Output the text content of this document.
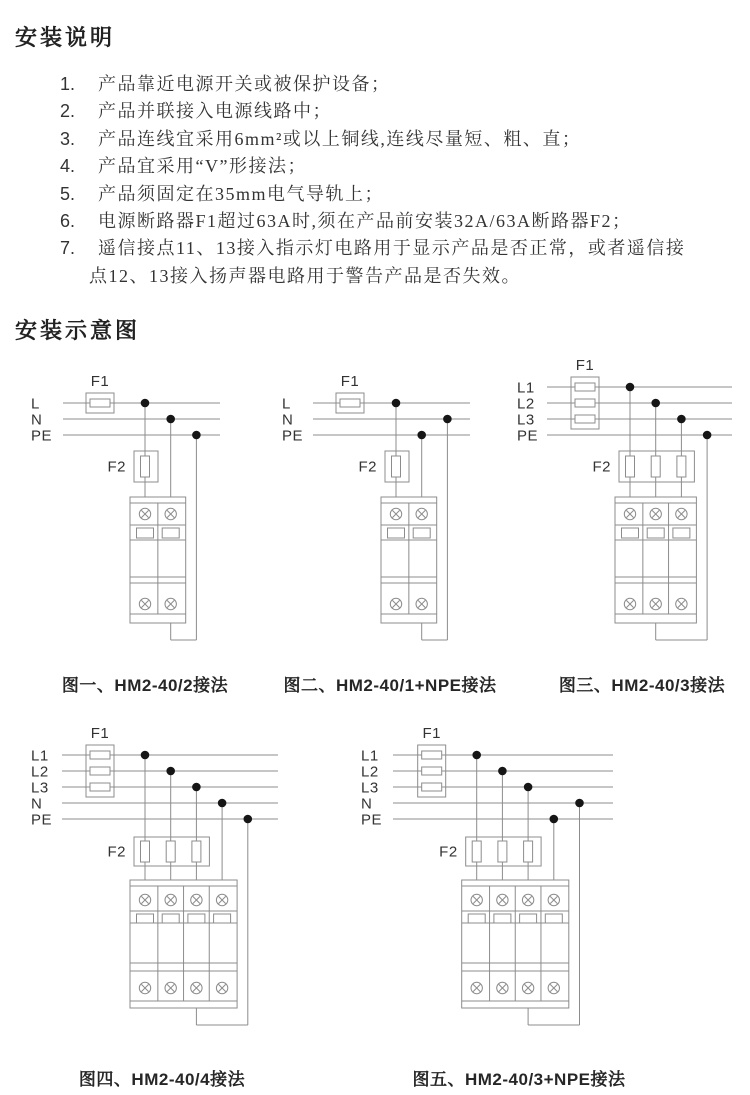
安装说明
1. 产品靠近电源开关或被保护设备；
2. 产品并联接入电源线路中；
3. 产品连线宜采用6mm²或以上铜线,连线尽量短、粗、直；
4. 产品宜采用“V”形接法；
5. 产品须固定在35mm电气导轨上；
6. 电源断路器F1超过63A时,须在产品前安装32A/63A断路器F2；
7. 遥信接点11、13接入指示灯电路用于显示产品是否正常，或者遥信接
点12、13接入扬声器电路用于警告产品是否失效。
安装示意图
L
N
PE
F1
F2
L
N
PE
F1
F2
L1
L2
L3
PE
F1
F2
L1
L2
L3
N
PE
F1
F2
L1
L2
L3
N
PE
F1
F2
图一、HM2-40/2接法	图二、HM2-40/1+NPE接法	图三、HM2-40/3接法
图四、HM2-40/4接法	图五、HM2-40/3+NPE接法
